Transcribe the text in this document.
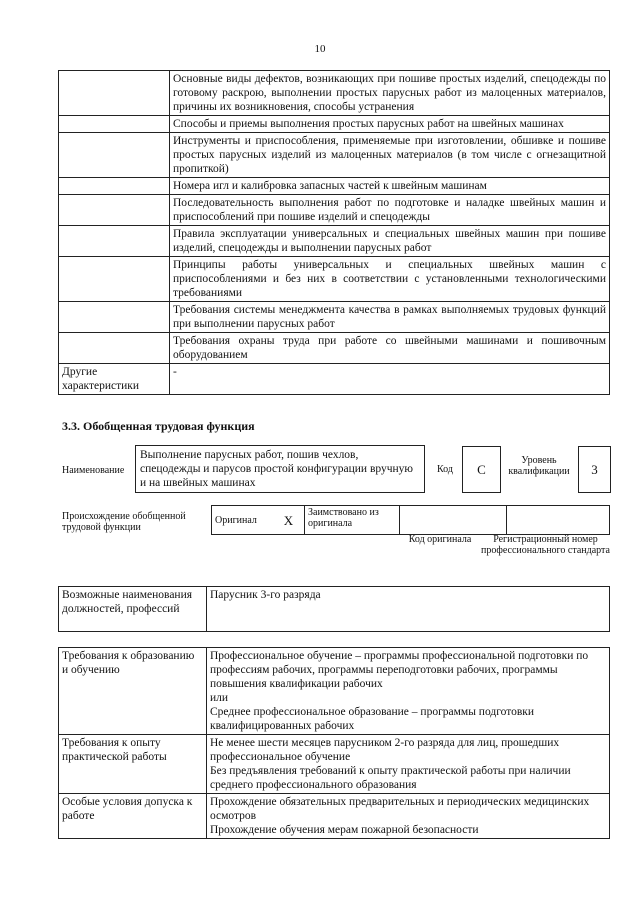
10
	Основные виды дефектов, возникающих при пошиве простых изделий, спецодежды по готовому раскрою, выполнении простых парусных работ из малоценных материалов, причины их возникновения, способы устранения
	Способы и приемы выполнения простых парусных работ на швейных машинах
	Инструменты и приспособления, применяемые при изготовлении, обшивке и пошиве простых парусных изделий из малоценных материалов (в том числе с огнезащитной пропиткой)
	Номера игл и калибровка запасных частей к швейным машинам
	Последовательность выполнения работ по подготовке и наладке швейных машин и приспособлений при пошиве изделий и спецодежды
	Правила эксплуатации универсальных и специальных швейных машин при пошиве изделий, спецодежды и выполнении парусных работ
	Принципы работы универсальных и специальных швейных машин с приспособлениями и без них в соответствии с установленными технологическими требованиями
	Требования системы менеджмента качества в рамках выполняемых трудовых функций при выполнении парусных работ
	Требования охраны труда при работе со швейными машинами и пошивочным оборудованием
Другие характеристики	-
3.3. Обобщенная трудовая функция
Наименование
Выполнение парусных работ, пошив чехлов, спецодежды и парусов простой конфигурации вручную и на швейных машинах
Код	C
Уровень квалификации	3
Происхождение обобщенной трудовой функции
Оригинал	X	Заимствовано из оригинала		
Код оригинала	Регистрационный номер профессионального стандарта
Возможные наименования должностей, профессий	Парусник 3-го разряда
Требования к образованию и обучению	Профессиональное обучение – программы профессиональной подготовки по профессиям рабочих, программы переподготовки рабочих, программы повышения квалификации рабочих
или
Среднее профессиональное образование – программы подготовки квалифицированных рабочих

Требования к опыту практической работы	Не менее шести месяцев парусником 2-го разряда для лиц, прошедших профессиональное обучение
Без предъявления требований к опыту практической работы при наличии среднего профессионального образования

Особые условия допуска к работе	Прохождение обязательных предварительных и периодических медицинских осмотров
Прохождение обучения мерам пожарной безопасности
